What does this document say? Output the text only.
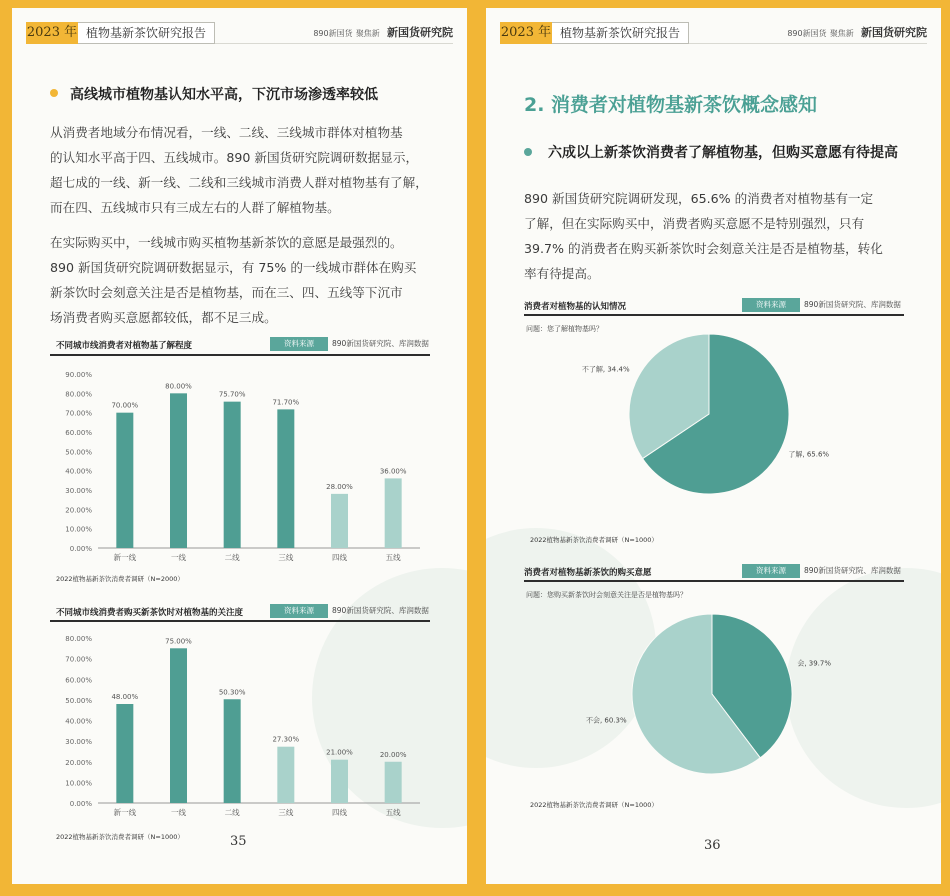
2023 年 植物基新茶饮研究报告	890新国货 聚焦新 新国货研究院
高线城市植物基认知水平高，下沉市场渗透率较低
从消费者地域分布情况看，一线、二线、三线城市群体对植物基
的认知水平高于四、五线城市。890 新国货研究院调研数据显示，
超七成的一线、新一线、二线和三线城市消费人群对植物基有了解，
而在四、五线城市只有三成左右的人群了解植物基。
在实际购买中，一线城市购买植物基新茶饮的意愿是最强烈的。
890 新国货研究院调研数据显示，有 75% 的一线城市群体在购买
新茶饮时会刻意关注是否是植物基，而在三、四、五线等下沉市
场消费者购买意愿都较低，都不足三成。
不同城市线消费者对植物基了解程度	资料来源	890新国货研究院、库润数据
0.00%
10.00%
20.00%
30.00%
40.00%
50.00%
60.00%
70.00%
80.00%
90.00%
70.00%
新一线
80.00%
一线
75.70%
二线
71.70%
三线
28.00%
四线
36.00%
五线
2022植物基新茶饮消费者调研（N=2000）
不同城市线消费者购买新茶饮时对植物基的关注度	资料来源	890新国货研究院、库润数据
0.00%
10.00%
20.00%
30.00%
40.00%
50.00%
60.00%
70.00%
80.00%
48.00%
新一线
75.00%
一线
50.30%
二线
27.30%
三线
21.00%
四线
20.00%
五线
2022植物基新茶饮消费者调研（N=1000）	35
2023 年 植物基新茶饮研究报告	890新国货 聚焦新 新国货研究院
2. 消费者对植物基新茶饮概念感知
六成以上新茶饮消费者了解植物基，但购买意愿有待提高
890 新国货研究院调研发现，65.6% 的消费者对植物基有一定
了解，但在实际购买中，消费者购买意愿不是特别强烈，只有
39.7% 的消费者在购买新茶饮时会刻意关注是否是植物基，转化
率有待提高。
消费者对植物基的认知情况	资料来源	890新国货研究院、库润数据
问题：您了解植物基吗？
了解, 65.6%
不了解, 34.4%
2022植物基新茶饮消费者调研（N=1000）
消费者对植物基新茶饮的购买意愿	资料来源	890新国货研究院、库润数据
问题：您购买新茶饮时会刻意关注是否是植物基吗？
会, 39.7%
不会, 60.3%
2022植物基新茶饮消费者调研（N=1000）
36
